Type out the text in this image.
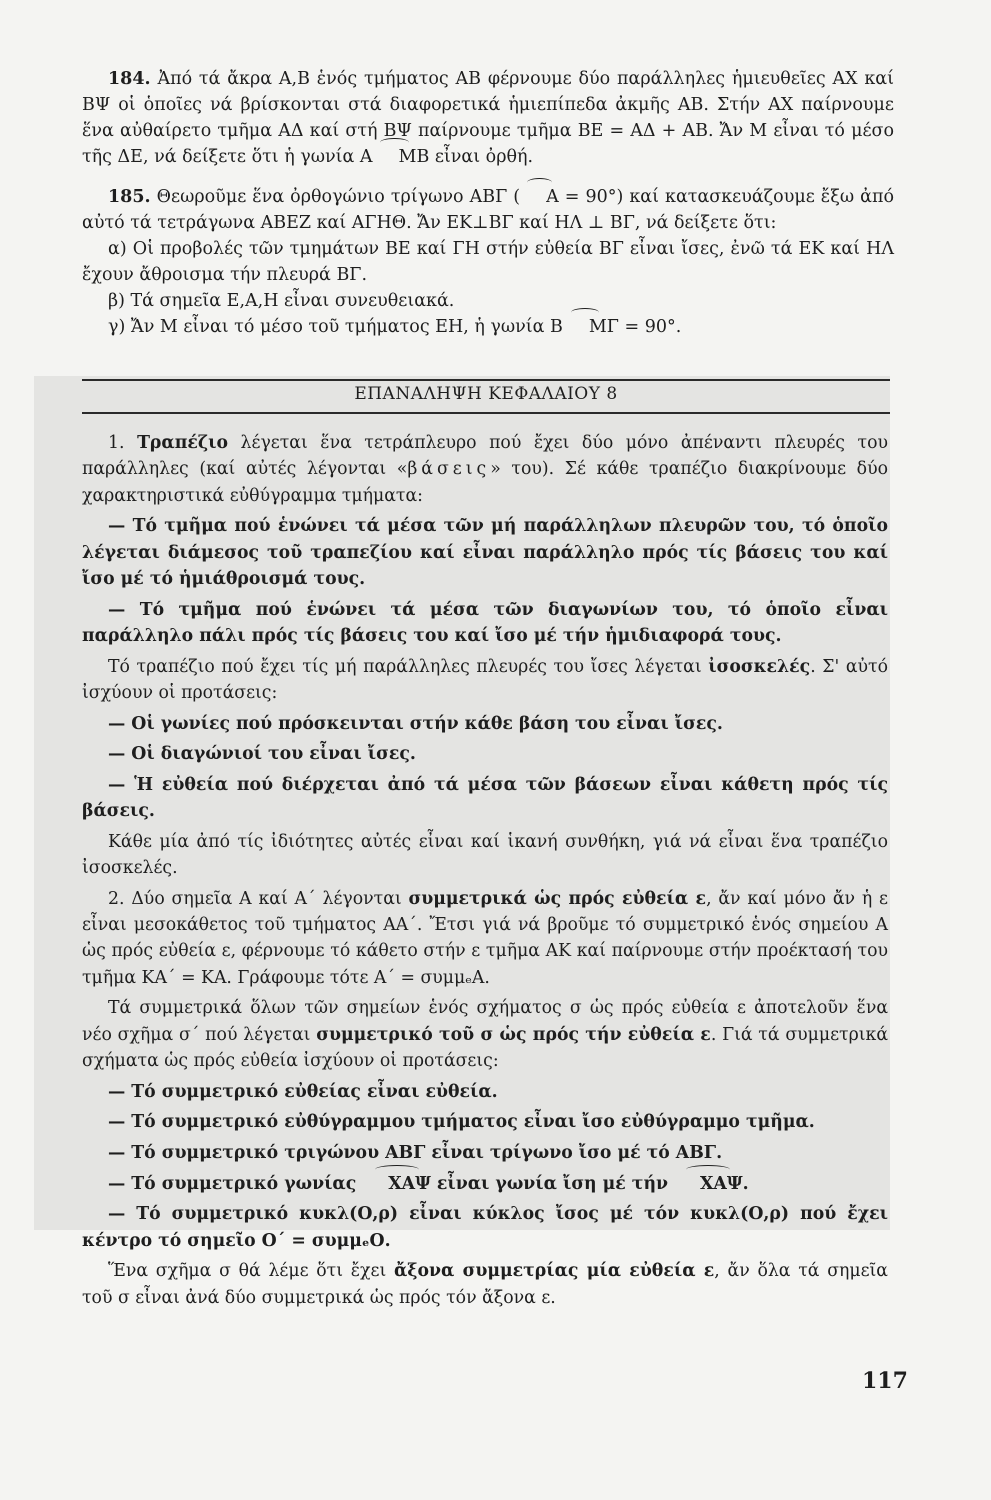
184. Ἀπό τά ἄκρα Α,Β ἑνός τμήματος ΑΒ φέρνουμε δύο παράλληλες ἡμιευθεῖες ΑΧ καί ΒΨ οἱ ὁποῖες νά βρίσκονται στά διαφορετικά ἡμιεπίπεδα ἀκμῆς ΑΒ. Στήν ΑΧ παίρνουμε ἕνα αὐθαίρετο τμῆμα ΑΔ καί στή ΒΨ παίρνουμε τμῆμα ΒΕ = ΑΔ + ΑΒ. Ἄν Μ εἶναι τό μέσο τῆς ΔΕ, νά δείξετε ὅτι ἡ γωνία Α ΜΒ εἶναι ὀρθή.

185. Θεωροῦμε ἕνα ὀρθογώνιο τρίγωνο ΑΒΓ ( Α = 90°) καί κατασκευάζουμε ἔξω ἀπό αὐτό τά τετράγωνα ΑΒΕΖ καί ΑΓΗΘ. Ἄν ΕΚ⊥ΒΓ καί ΗΛ ⊥ ΒΓ, νά δείξετε ὅτι:

α) Οἱ προβολές τῶν τμημάτων ΒΕ καί ΓΗ στήν εὐθεία ΒΓ εἶναι ἴσες, ἐνῶ τά ΕΚ καί ΗΛ ἔχουν ἄθροισμα τήν πλευρά ΒΓ.

β) Τά σημεῖα Ε,Α,Η εἶναι συνευθειακά.

γ) Ἄν Μ εἶναι τό μέσο τοῦ τμήματος ΕΗ, ἡ γωνία Β ΜΓ = 90°.

ΕΠΑΝΑΛΗΨΗ ΚΕΦΑΛΑΙΟΥ 8

1. Τραπέζιο λέγεται ἕνα τετράπλευρο πού ἔχει δύο μόνο ἀπέναντι πλευρές του παράλληλες (καί αὐτές λέγονται «βάσεις» του). Σέ κάθε τραπέζιο διακρίνουμε δύο χαρακτηριστικά εὐθύγραμμα τμήματα:

— Τό τμῆμα πού ἑνώνει τά μέσα τῶν μή παράλληλων πλευρῶν του, τό ὁποῖο λέγεται διάμεσος τοῦ τραπεζίου καί εἶναι παράλληλο πρός τίς βάσεις του καί ἴσο μέ τό ἡμιάθροισμά τους.

— Τό τμῆμα πού ἑνώνει τά μέσα τῶν διαγωνίων του, τό ὁποῖο εἶναι παράλληλο πάλι πρός τίς βάσεις του καί ἴσο μέ τήν ἡμιδιαφορά τους.

Τό τραπέζιο πού ἔχει τίς μή παράλληλες πλευρές του ἴσες λέγεται ἰσοσκελές. Σ' αὐτό ἰσχύουν οἱ προτάσεις:

— Οἱ γωνίες πού πρόσκεινται στήν κάθε βάση του εἶναι ἴσες.

— Οἱ διαγώνιοί του εἶναι ἴσες.

— Ἡ εὐθεία πού διέρχεται ἀπό τά μέσα τῶν βάσεων εἶναι κάθετη πρός τίς βάσεις.

Κάθε μία ἀπό τίς ἰδιότητες αὐτές εἶναι καί ἱκανή συνθήκη, γιά νά εἶναι ἕνα τραπέζιο ἰσοσκελές.

2. Δύο σημεῖα Α καί Α΄ λέγονται συμμετρικά ὡς πρός εὐθεία ε, ἄν καί μόνο ἄν ἡ ε εἶναι μεσοκάθετος τοῦ τμήματος ΑΑ΄. Ἔτσι γιά νά βροῦμε τό συμμετρικό ἑνός σημείου Α ὡς πρός εὐθεία ε, φέρνουμε τό κάθετο στήν ε τμῆμα ΑΚ καί παίρνουμε στήν προέκτασή του τμῆμα ΚΑ΄ = ΚΑ. Γράφουμε τότε Α΄ = συμμₑΑ.

Τά συμμετρικά ὅλων τῶν σημείων ἑνός σχήματος σ ὡς πρός εὐθεία ε ἀποτελοῦν ἕνα νέο σχῆμα σ΄ πού λέγεται συμμετρικό τοῦ σ ὡς πρός τήν εὐθεία ε. Γιά τά συμμετρικά σχήματα ὡς πρός εὐθεία ἰσχύουν οἱ προτάσεις:

— Τό συμμετρικό εὐθείας εἶναι εὐθεία.

— Τό συμμετρικό εὐθύγραμμου τμήματος εἶναι ἴσο εὐθύγραμμο τμῆμα.

— Τό συμμετρικό τριγώνου ΑΒΓ εἶναι τρίγωνο ἴσο μέ τό ΑΒΓ.

— Τό συμμετρικό γωνίας ΧΑΨ εἶναι γωνία ἴση μέ τήν ΧΑΨ.

— Τό συμμετρικό κυκλ(Ο,ρ) εἶναι κύκλος ἴσος μέ τόν κυκλ(Ο,ρ) πού ἔχει κέντρο τό σημεῖο Ο΄ = συμμₑΟ.

Ἕνα σχῆμα σ θά λέμε ὅτι ἔχει ἄξονα συμμετρίας μία εὐθεία ε, ἄν ὅλα τά σημεῖα τοῦ σ εἶναι ἀνά δύο συμμετρικά ὡς πρός τόν ἄξονα ε.

117
